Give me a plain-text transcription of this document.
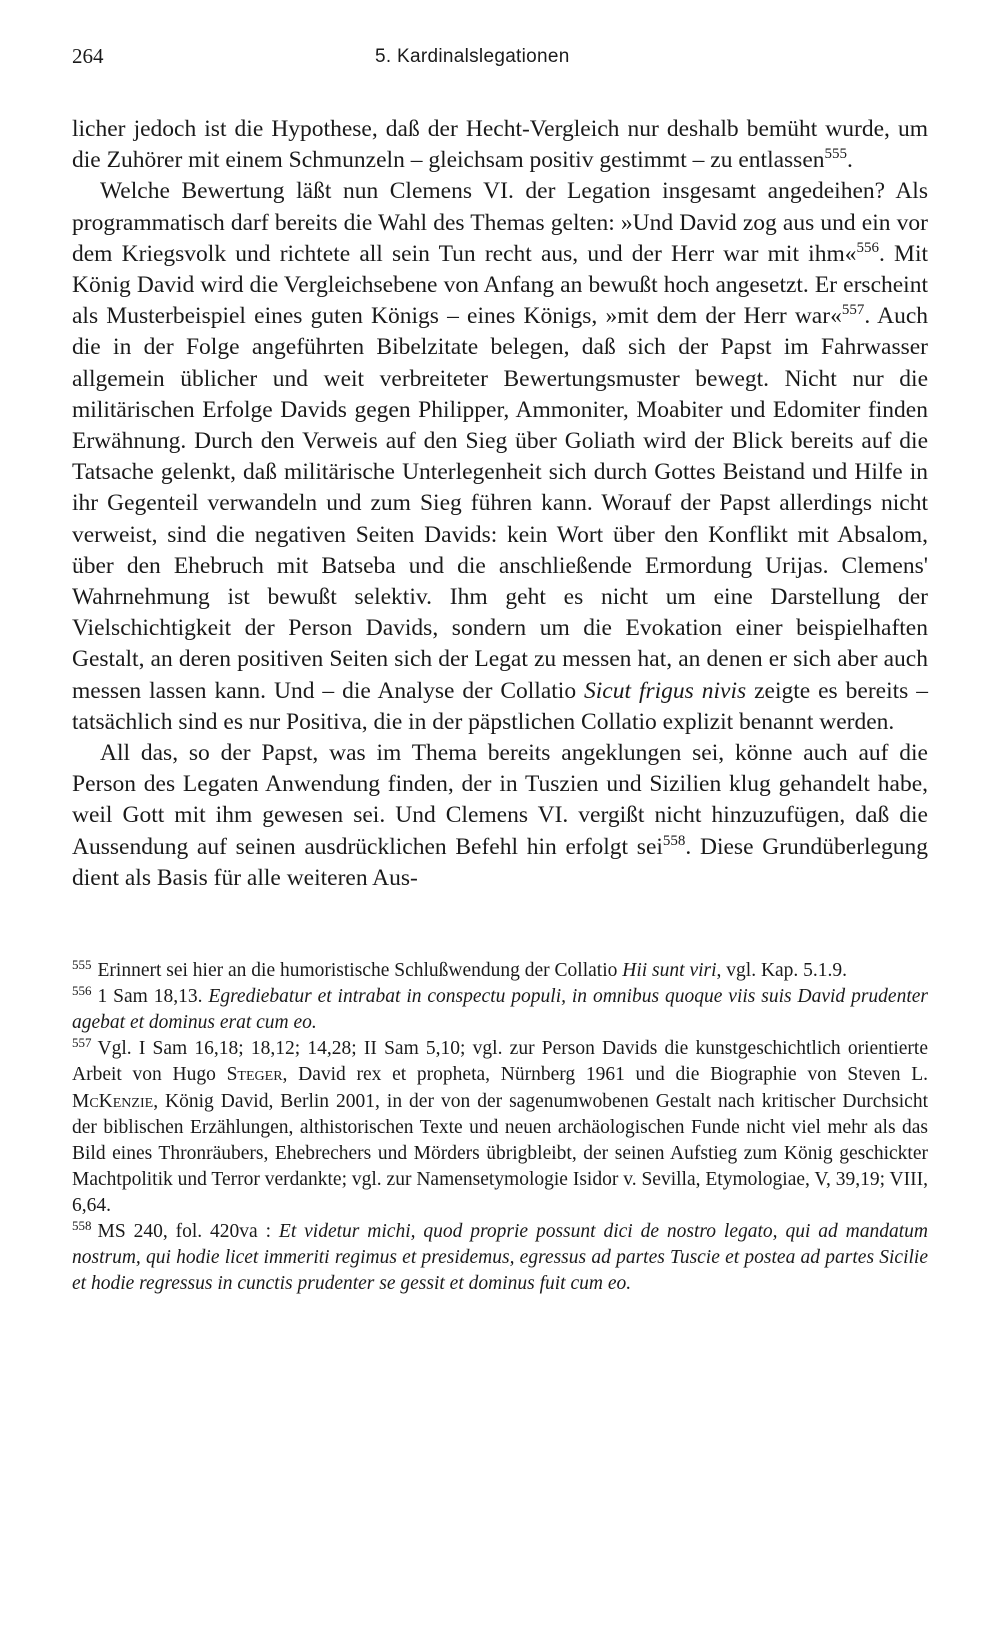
264	5. Kardinalslegationen

licher jedoch ist die Hypothese, daß der Hecht-Vergleich nur deshalb bemüht wurde, um die Zuhörer mit einem Schmunzeln – gleichsam positiv gestimmt – zu entlassen$^{555}$.

Welche Bewertung läßt nun Clemens VI. der Legation insgesamt angedeihen? Als programmatisch darf bereits die Wahl des Themas gelten: »Und David zog aus und ein vor dem Kriegsvolk und richtete all sein Tun recht aus, und der Herr war mit ihm«$^{556}$. Mit König David wird die Vergleichsebene von Anfang an bewußt hoch angesetzt. Er erscheint als Musterbeispiel eines guten Königs – eines Königs, »mit dem der Herr war«$^{557}$. Auch die in der Folge angeführten Bibelzitate belegen, daß sich der Papst im Fahrwasser allgemein üblicher und weit verbreiteter Bewertungsmuster bewegt. Nicht nur die militärischen Erfolge Davids gegen Philipper, Ammoniter, Moabiter und Edomiter finden Erwähnung. Durch den Verweis auf den Sieg über Goliath wird der Blick bereits auf die Tatsache gelenkt, daß militärische Unterlegenheit sich durch Gottes Beistand und Hilfe in ihr Gegenteil verwandeln und zum Sieg führen kann. Worauf der Papst allerdings nicht verweist, sind die negativen Seiten Davids: kein Wort über den Konflikt mit Absalom, über den Ehebruch mit Batseba und die anschließende Ermordung Urijas. Clemens' Wahrnehmung ist bewußt selektiv. Ihm geht es nicht um eine Darstellung der Vielschichtigkeit der Person Davids, sondern um die Evokation einer beispielhaften Gestalt, an deren positiven Seiten sich der Legat zu messen hat, an denen er sich aber auch messen lassen kann. Und – die Analyse der Collatio Sicut frigus nivis zeigte es bereits – tatsächlich sind es nur Positiva, die in der päpstlichen Collatio explizit benannt werden.

All das, so der Papst, was im Thema bereits angeklungen sei, könne auch auf die Person des Legaten Anwendung finden, der in Tuszien und Sizilien klug gehandelt habe, weil Gott mit ihm gewesen sei. Und Clemens VI. vergißt nicht hinzuzufügen, daß die Aussendung auf seinen ausdrücklichen Befehl hin erfolgt sei$^{558}$. Diese Grundüberlegung dient als Basis für alle weiteren Aus-

$^{555}$ Erinnert sei hier an die humoristische Schlußwendung der Collatio Hii sunt viri, vgl. Kap. 5.1.9.

$^{556}$ 1 Sam 18,13. Egrediebatur et intrabat in conspectu populi, in omnibus quoque viis suis David prudenter agebat et dominus erat cum eo.

$^{557}$ Vgl. I Sam 16,18; 18,12; 14,28; II Sam 5,10; vgl. zur Person Davids die kunstgeschichtlich orientierte Arbeit von Hugo Steger, David rex et propheta, Nürnberg 1961 und die Biographie von Steven L. McKenzie, König David, Berlin 2001, in der von der sagenumwobenen Gestalt nach kritischer Durchsicht der biblischen Erzählungen, althistorischen Texte und neuen archäologischen Funde nicht viel mehr als das Bild eines Thronräubers, Ehebrechers und Mörders übrigbleibt, der seinen Aufstieg zum König geschickter Machtpolitik und Terror verdankte; vgl. zur Namensetymologie Isidor v. Sevilla, Etymologiae, V, 39,19; VIII, 6,64.

$^{558}$ MS 240, fol. 420va : Et videtur michi, quod proprie possunt dici de nostro legato, qui ad mandatum nostrum, qui hodie licet immeriti regimus et presidemus, egressus ad partes Tuscie et postea ad partes Sicilie et hodie regressus in cunctis prudenter se gessit et dominus fuit cum eo.
